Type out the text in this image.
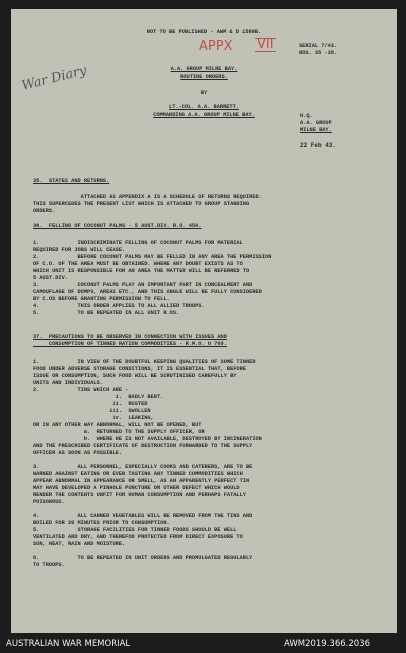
NOT TO BE PUBLISHED - AWM & D 1580B.
War Diary
APPX VII	SERIAL 7/43.
NOS. 35 -38.
A.A. GROUP MILNE BAY.
ROUTINE ORDERS.
BY
LT.-COL. A.A. BARRETT.
COMMANDING A.A. GROUP MILNE BAY.	H.Q.
A.A. GROUP
MILNE BAY.
22 Feb 43.
35.  STATES AND RETURNS.
ATTACHED AS APPENDIX A IS A SCHEDULE OF RETURNS REQUIRED.
THIS SUPERCEDES THE PRESENT LIST WHICH IS ATTACHED TO GROUP STANDING
ORDERS.
36.  FELLING OF COCONUT PALMS - 5 AUST.DIV. R.O. 450.
1.            INDISCRIMINATE FELLING OF COCONUT PALMS FOR MATERIAL
REQUIRED FOR JOBS WILL CEASE.
2.            BEFORE COCONUT PALMS MAY BE FELLED IN ANY AREA THE PERMISSION
OF C.O. OF THE AREA MUST BE OBTAINED. WHERE ANY DOUBT EXISTS AS TO
WHICH UNIT IS RESPONSIBLE FOR AN AREA THE MATTER WILL BE REFERRED TO
5 AUST.DIV.
3.            COCONUT PALMS PLAY AN IMPORTANT PART IN CONCEALMENT AND
CAMOUFLAGE OF DUMPS, AREAS ETC., AND THIS ANGLE WILL BE FULLY CONSIDERED
BY C.OS BEFORE GRANTING PERMISSION TO FELL.
4.            THIS ORDER APPLIES TO ALL ALLIED TROOPS.
5.            TO BE REPEATED IN ALL UNIT R.OS.
37.  PRECAUTIONS TO BE OBSERVED IN CONNECTION WITH ISSUES AND
CONSUMPTION OF TINNED RATION COMMODITIES - R.M.O. O 709.
1.            IN VIEW OF THE DOUBTFUL KEEPING QUALITIES OF SOME TINNED
FOOD UNDER ADVERSE STORAGE CONDITIONS, IT IS ESSENTIAL THAT, BEFORE
ISSUE OR CONSUMPTION, SUCH FOOD WILL BE SCRUTINISED CAREFULLY BY
UNITS AND INDIVIDUALS.
2.            TINS WHICH ARE -
i.  BADLY BENT.
ii.  RUSTED
iii.  SWOLLEN
iv.  LEAKING,
OR IN ANY OTHER WAY ABNORMAL, WILL NOT BE OPENED, BUT
a.  RETURNED TO THE SUPPLY OFFICER, OR
b.  WHERE HE IS NOT AVAILABLE, DESTROYED BY INCINERATION
AND THE PRESCRIBED CERTIFICATE OF DESTRUCTION FORWARDED TO THE SUPPLY
OFFICER AS SOON AS POSSIBLE.
3.            ALL PERSONNEL, ESPECIALLY COOKS AND CATERERS, ARE TO BE
WARNED AGAINST EATING OR EVEN TASTING ANY TINNED COMMODITIES WHICH
APPEAR ABNORMAL IN APPEARANCE OR SMELL, AS AN APPARENTLY PERFECT TIN
MAY HAVE DEVELOPED A PINHOLE PUNCTURE OR OTHER DEFECT WHICH WOULD
RENDER THE CONTENTS UNFIT FOR HUMAN CONSUMPTION AND PERHAPS FATALLY
POISONOUS.
4.            ALL CANNED VEGETABLES WILL BE REMOVED FROM THE TINS AND
BOILED FOR 20 MINUTES PRIOR TO CONSUMPTION.
5.            STORAGE FACILITIES FOR TINNED FOODS SHOULD BE WELL
VENTILATED AND DRY, AND THEREFOD PROTECTED FROM DIRECT EXPOSURE TO
SUN, HEAT, RAIN AND MOISTURE.
6.            TO BE REPEATED IN UNIT ORDERS AND PROMULGATED REGULARLY
TO TROOPS.
AUSTRALIAN WAR MEMORIAL	AWM2019.366.2036
